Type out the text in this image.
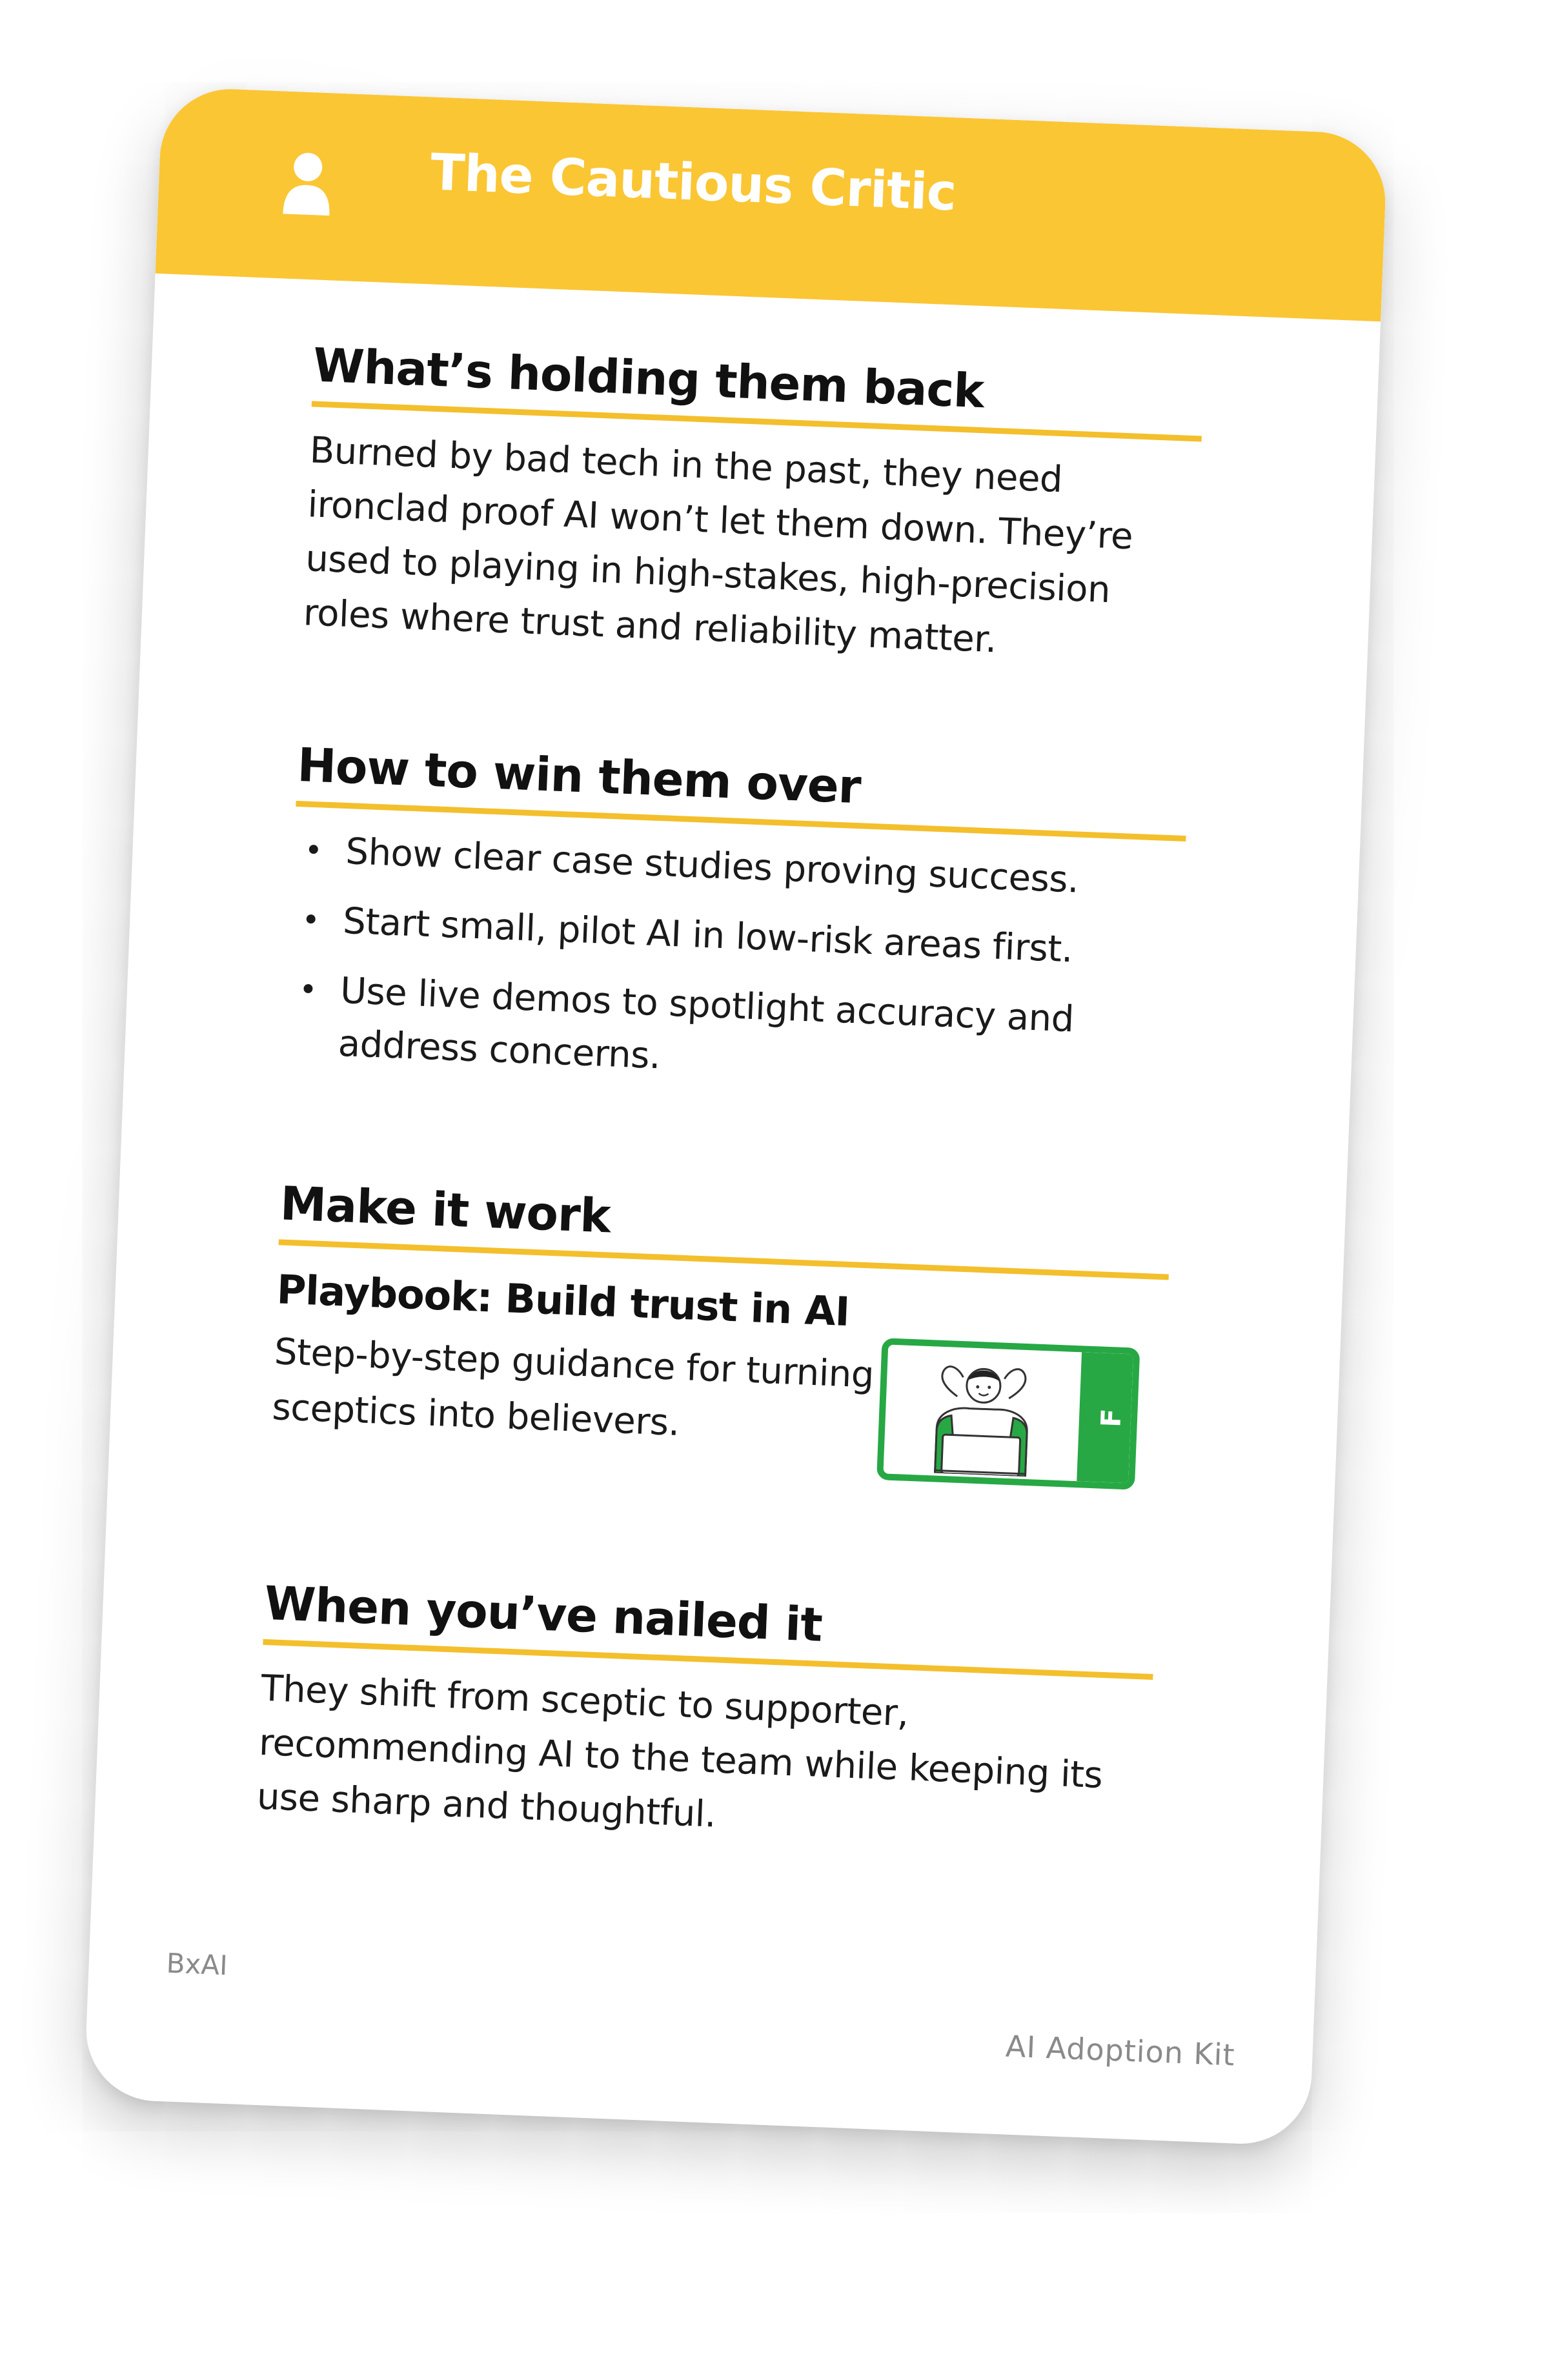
The Cautious Critic
What’s holding them back
Burned by bad tech in the past, they need ironclad proof AI won’t let them down. They’re used to playing in high-stakes, high-precision roles where trust and reliability matter.
How to win them over
• Show clear case studies proving success.
• Start small, pilot AI in low-risk areas first.
• Use live demos to spotlight accuracy and address concerns.
Make it work
Playbook: Build trust in AI
Step-by-step guidance for turning sceptics into believers.	F
When you’ve nailed it
They shift from sceptic to supporter, recommending AI to the team while keeping its use sharp and thoughtful.
BxAI
AI Adoption Kit
